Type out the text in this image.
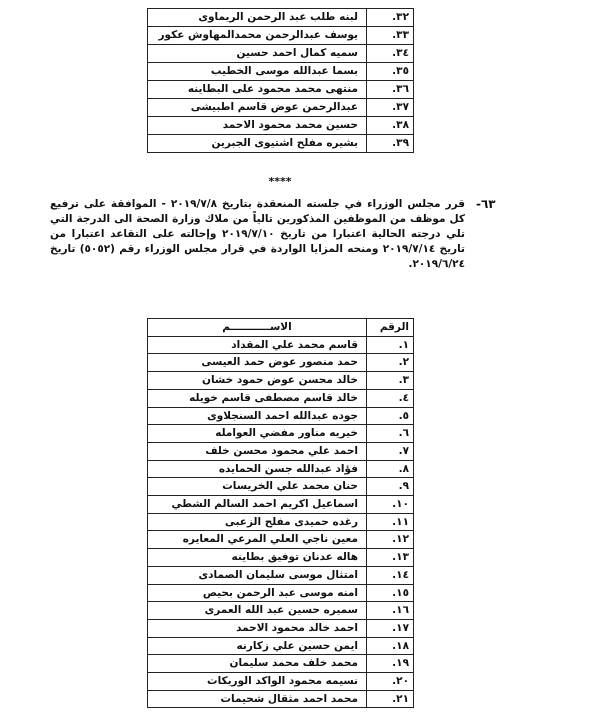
٣٢.	لبنه طلب عبد الرحمن الريماوى
٣٣.	يوسف عبدالرحمن محمدالمهاوش عكور
٣٤.	سميه كمال احمد حسين
٣٥.	بسما عبدالله موسى الخطيب
٣٦.	منتهى محمد محمود على البطاينه
٣٧.	عبدالرحمن عوض قاسم اطبيشى
٣٨.	حسين محمد محمود الاحمد
٣٩.	بشيره مفلح اشتيوى الجبرين
****
٦٣-
قرر مجلس الوزراء في جلسته المنعقدة بتاريخ ٢٠١٩/٧/٨ - الموافقة على ترفيع كل موظف من الموظفين المذكورين تالياً من ملاك وزارة الصحة الى الدرجة التي تلي درجته الحالية اعتبارا من تاريخ ٢٠١٩/٧/١٠ وإحالته على التقاعد اعتبارا من تاريخ ٢٠١٩/٧/١٤ ومنحه المزايا الواردة في قرار مجلس الوزراء رقم (٥٠٥٢) تاريخ ٢٠١٩/٦/٢٤.
الرقم	الاســـــــــــم
١.	قاسم محمد علي المقداد
٢.	حمد منصور عوض حمد العيسى
٣.	خالد محسن عوض حمود خشان
٤.	خالد قاسم مصطفى قاسم خويله
٥.	جوده عبدالله احمد السنجلاوى
٦.	خيريه مناور مفضي العوامله
٧.	احمد علي محمود محسن خلف
٨.	فؤاد عبدالله جسن الحمايده
٩.	حنان محمد علي الخريسات
١٠.	اسماعيل اكريم احمد السالم الشطي
١١.	رغده حميدى مفلح الزعبى
١٢.	معين ناجي العلي المرعي المعايره
١٣.	هاله عدنان توفيق بطاينه
١٤.	امتثال موسى سليمان الصمادى
١٥.	امنه موسى عبد الرحمن بحيص
١٦.	سميره حسين عبد الله العمرى
١٧.	احمد خالد محمود الاحمد
١٨.	ايمن حسين علي زكارنه
١٩.	محمد خلف محمد سليمان
٢٠.	نسيمه محمود الواكد الوريكات
٢١.	محمد احمد مثقال شحيمات
